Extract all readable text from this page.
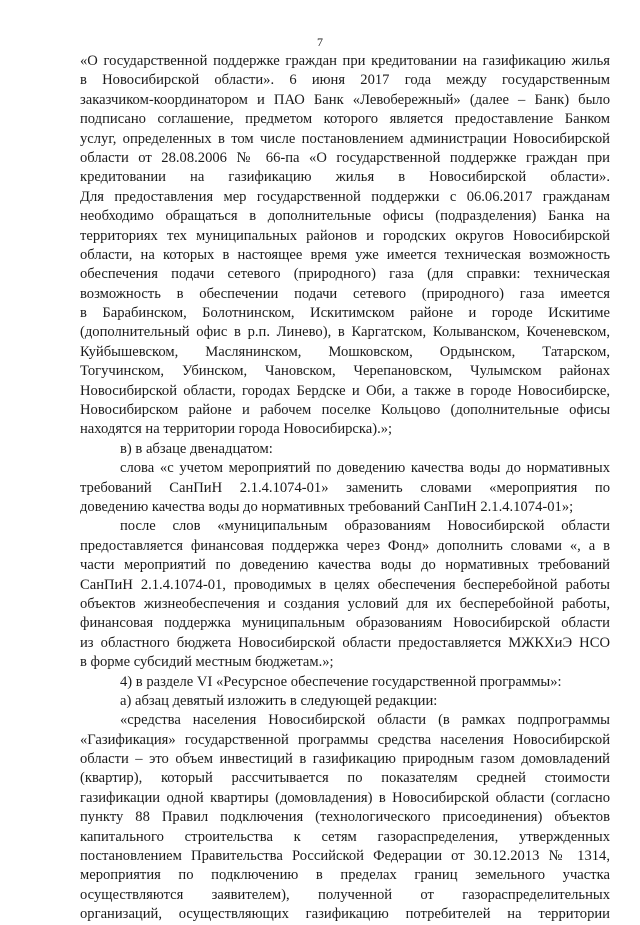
7
«О государственной поддержке граждан при кредитовании на газификацию жилья
в Новосибирской области». 6 июня 2017 года между государственным
заказчиком-координатором и ПАО Банк «Левобережный» (далее – Банк) было
подписано соглашение, предметом которого является предоставление Банком
услуг, определенных в том числе постановлением администрации Новосибирской
области от 28.08.2006 № 66-па «О государственной поддержке граждан при
кредитовании на газификацию жилья в Новосибирской области».
Для предоставления мер государственной поддержки с 06.06.2017 гражданам
необходимо обращаться в дополнительные офисы (подразделения) Банка на
территориях тех муниципальных районов и городских округов Новосибирской
области, на которых в настоящее время уже имеется техническая возможность
обеспечения подачи сетевого (природного) газа (для справки: техническая
возможность в обеспечении подачи сетевого (природного) газа имеется
в Барабинском, Болотнинском, Искитимском районе и городе Искитиме
(дополнительный офис в р.п. Линево), в Каргатском, Колыванском, Коченевском,
Куйбышевском, Маслянинском, Мошковском, Ордынском, Татарском,
Тогучинском, Убинском, Чановском, Черепановском, Чулымском районах
Новосибирской области, городах Бердске и Оби, а также в городе Новосибирске,
Новосибирском районе и рабочем поселке Кольцово (дополнительные офисы
находятся на территории города Новосибирска).»;
в) в абзаце двенадцатом:
слова «с учетом мероприятий по доведению качества воды до нормативных
требований СанПиН 2.1.4.1074-01» заменить словами «мероприятия по
доведению качества воды до нормативных требований СанПиН 2.1.4.1074-01»;
после слов «муниципальным образованиям Новосибирской области
предоставляется финансовая поддержка через Фонд» дополнить словами «, а в
части мероприятий по доведению качества воды до нормативных требований
СанПиН 2.1.4.1074-01, проводимых в целях обеспечения бесперебойной работы
объектов жизнеобеспечения и создания условий для их бесперебойной работы,
финансовая поддержка муниципальным образованиям Новосибирской области
из областного бюджета Новосибирской области предоставляется МЖКХиЭ НСО
в форме субсидий местным бюджетам.»;
4) в разделе VI «Ресурсное обеспечение государственной программы»:
а) абзац девятый изложить в следующей редакции:
«средства населения Новосибирской области (в рамках подпрограммы
«Газификация» государственной программы средства населения Новосибирской
области – это объем инвестиций в газификацию природным газом домовладений
(квартир), который рассчитывается по показателям средней стоимости
газификации одной квартиры (домовладения) в Новосибирской области (согласно
пункту 88 Правил подключения (технологического присоединения) объектов
капитального строительства к сетям газораспределения, утвержденных
постановлением Правительства Российской Федерации от 30.12.2013 № 1314,
мероприятия по подключению в пределах границ земельного участка
осуществляются заявителем), полученной от газораспределительных
организаций, осуществляющих газификацию потребителей на территории
